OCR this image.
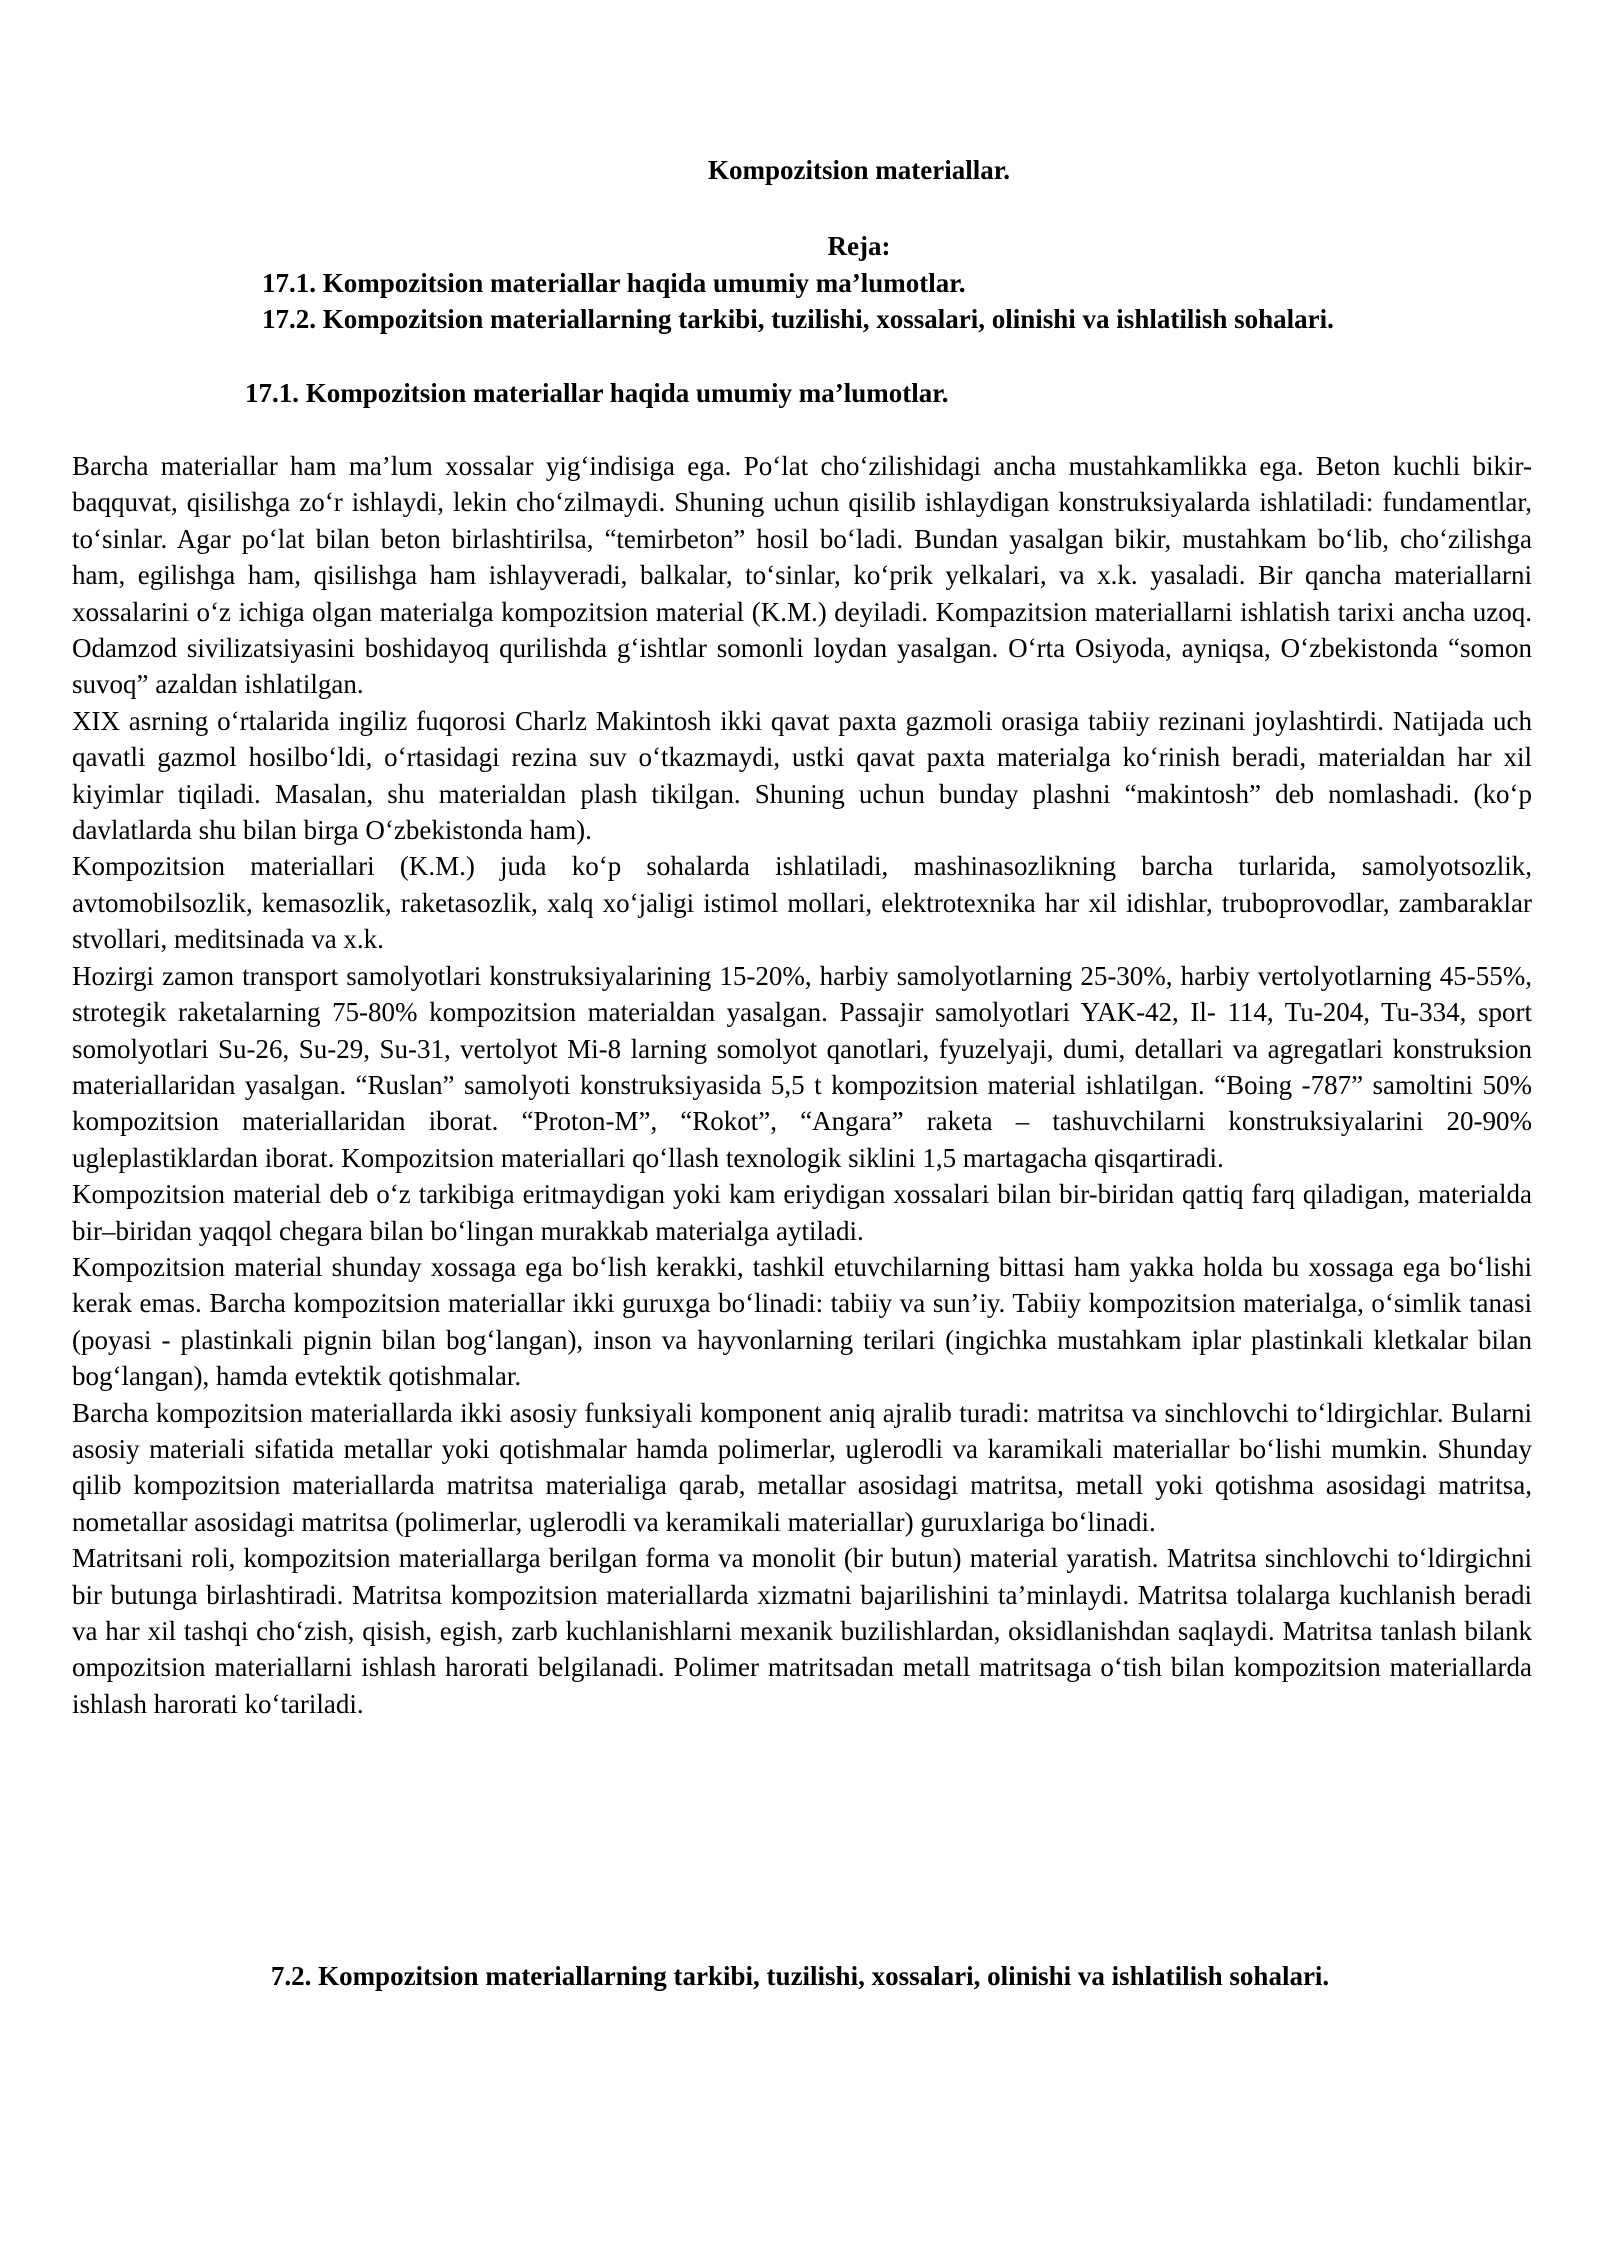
Kompozitsion materiallar.
Reja:
17.1. Kompozitsion materiallar haqida umumiy ma’lumotlar.
17.2. Kompozitsion materiallarning tarkibi, tuzilishi, xossalari, olinishi va ishlatilish sohalari.
17.1. Kompozitsion materiallar haqida umumiy ma’lumotlar.

Barcha materiallar ham ma’lum xossalar yig‘indisiga ega. Po‘lat cho‘zilishidagi ancha mustahkamlikka ega. Beton kuchli bikir-baqquvat, qisilishga zo‘r ishlaydi, lekin cho‘zilmaydi. Shuning uchun qisilib ishlaydigan konstruksiyalarda ishlatiladi: fundamentlar, to‘sinlar. Agar po‘lat bilan beton birlashtirilsa, “temirbeton” hosil bo‘ladi. Bundan yasalgan bikir, mustahkam bo‘lib, cho‘zilishga ham, egilishga ham, qisilishga ham ishlayveradi, balkalar, to‘sinlar, ko‘prik yelkalari, va x.k. yasaladi. Bir qancha materiallarni xossalarini o‘z ichiga olgan materialga kompozitsion material (K.M.) deyiladi. Kompazitsion materiallarni ishlatish tarixi ancha uzoq. Odamzod sivilizatsiyasini boshidayoq qurilishda g‘ishtlar somonli loydan yasalgan. O‘rta Osiyoda, ayniqsa, O‘zbekistonda “somon suvoq” azaldan ishlatilgan.

XIX asrning o‘rtalarida ingiliz fuqorosi Charlz Makintosh ikki qavat paxta gazmoli orasiga tabiiy rezinani joylashtirdi. Natijada uch qavatli gazmol hosilbo‘ldi, o‘rtasidagi rezina suv o‘tkazmaydi, ustki qavat paxta materialga ko‘rinish beradi, materialdan har xil kiyimlar tiqiladi. Masalan, shu materialdan plash tikilgan. Shuning uchun bunday plashni “makintosh” deb nomlashadi. (ko‘p davlatlarda shu bilan birga O‘zbekistonda ham).

Kompozitsion materiallari (K.M.) juda ko‘p sohalarda ishlatiladi, mashinasozlikning barcha turlarida, samolyotsozlik, avtomobilsozlik, kemasozlik, raketasozlik, xalq xo‘jaligi istimol mollari, elektrotexnika har xil idishlar, truboprovodlar, zambaraklar stvollari, meditsinada va x.k.

Hozirgi zamon transport samolyotlari konstruksiyalarining 15-20%, harbiy samolyotlarning 25-30%, harbiy vertolyotlarning 45-55%, strotegik raketalarning 75-80% kompozitsion materialdan yasalgan. Passajir samolyotlari YAK-42, Il- 114, Tu-204, Tu-334, sport somolyotlari Su-26, Su-29, Su-31, vertolyot Mi-8 larning somolyot qanotlari, fyuzelyaji, dumi, detallari va agregatlari konstruksion materiallaridan yasalgan. “Ruslan” samolyoti konstruksiyasida 5,5 t kompozitsion material ishlatilgan. “Boing -787” samoltini 50% kompozitsion materiallaridan iborat. “Proton-M”, “Rokot”, “Angara” raketa – tashuvchilarni konstruksiyalarini 20-90% ugleplastiklardan iborat. Kompozitsion materiallari qo‘llash texnologik siklini 1,5 martagacha qisqartiradi.

Kompozitsion material deb o‘z tarkibiga eritmaydigan yoki kam eriydigan xossalari bilan bir-biridan qattiq farq qiladigan, materialda bir–biridan yaqqol chegara bilan bo‘lingan murakkab materialga aytiladi.

Kompozitsion material shunday xossaga ega bo‘lish kerakki, tashkil etuvchilarning bittasi ham yakka holda bu xossaga ega bo‘lishi kerak emas. Barcha kompozitsion materiallar ikki guruxga bo‘linadi: tabiiy va sun’iy. Tabiiy kompozitsion materialga, o‘simlik tanasi (poyasi - plastinkali pignin bilan bog‘langan), inson va hayvonlarning terilari (ingichka mustahkam iplar plastinkali kletkalar bilan bog‘langan), hamda evtektik qotishmalar.

Barcha kompozitsion materiallarda ikki asosiy funksiyali komponent aniq ajralib turadi: matritsa va sinchlovchi to‘ldirgichlar. Bularni asosiy materiali sifatida metallar yoki qotishmalar hamda polimerlar, uglerodli va karamikali materiallar bo‘lishi mumkin. Shunday qilib kompozitsion materiallarda matritsa materialiga qarab, metallar asosidagi matritsa, metall yoki qotishma asosidagi matritsa, nometallar asosidagi matritsa (polimerlar, uglerodli va keramikali materiallar) guruxlariga bo‘linadi.

Matritsani roli, kompozitsion materiallarga berilgan forma va monolit (bir butun) material yaratish. Matritsa sinchlovchi to‘ldirgichni bir butunga birlashtiradi. Matritsa kompozitsion materiallarda xizmatni bajarilishini ta’minlaydi. Matritsa tolalarga kuchlanish beradi va har xil tashqi cho‘zish, qisish, egish, zarb kuchlanishlarni mexanik buzilishlardan, oksidlanishdan saqlaydi. Matritsa tanlash bilank ompozitsion materiallarni ishlash harorati belgilanadi. Polimer matritsadan metall matritsaga o‘tish bilan kompozitsion materiallarda ishlash harorati ko‘tariladi.

7.2. Kompozitsion materiallarning tarkibi, tuzilishi, xossalari, olinishi va ishlatilish sohalari.
